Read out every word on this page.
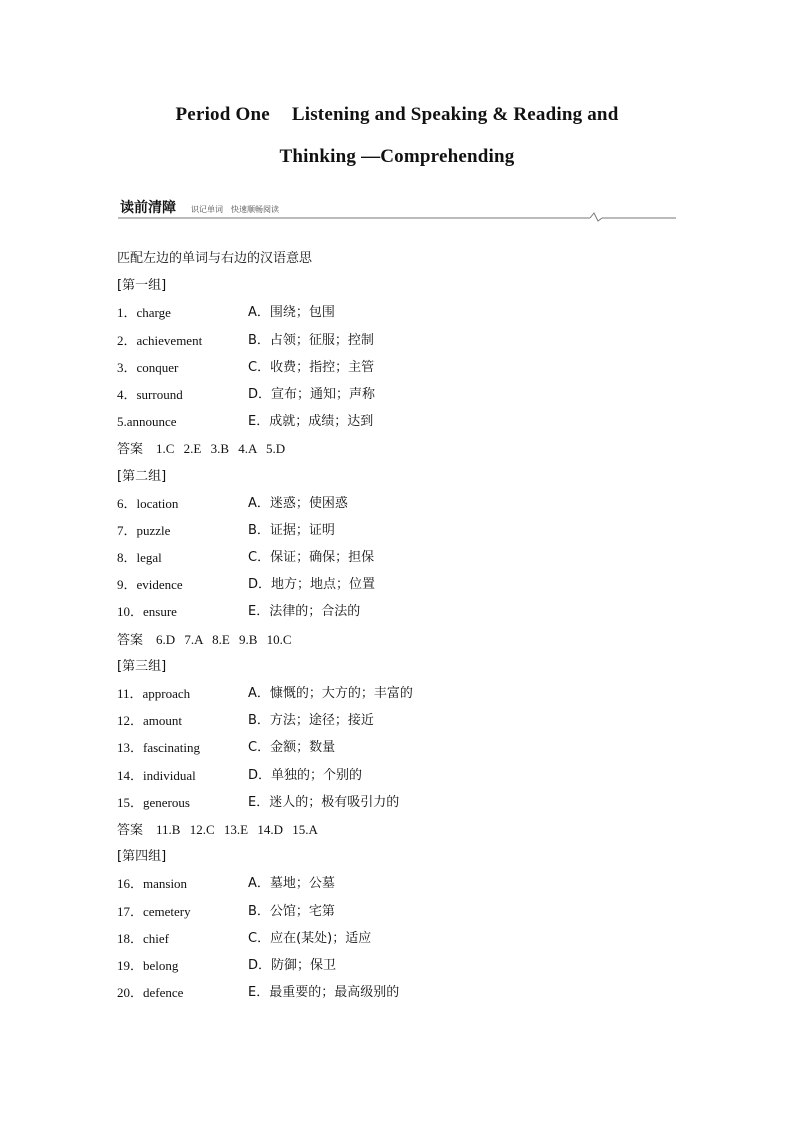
Period One Listening and Speaking & Reading and
Thinking —Comprehending
读前清障 识记单词　快速顺畅阅读
匹配左边的单词与右边的汉语意思
[第一组]
1．charge	A．围绕；包围
2．achievement	B．占领；征服；控制
3．conquer	C．收费；指控；主管
4．surround	D．宣布；通知；声称
5.announce	E．成就；成绩；达到
答案 1.C 2.E 3.B 4.A 5.D
[第二组]
6．location	A．迷惑；使困惑
7．puzzle	B．证据；证明
8．legal	C．保证；确保；担保
9．evidence	D．地方；地点；位置
10．ensure	E．法律的；合法的
答案 6.D 7.A 8.E 9.B 10.C
[第三组]
11．approach	A．慷慨的；大方的；丰富的
12．amount	B．方法；途径；接近
13．fascinating	C．金额；数量
14．individual	D．单独的；个别的
15．generous	E．迷人的；极有吸引力的
答案 11.B 12.C 13.E 14.D 15.A
[第四组]
16．mansion	A．墓地；公墓
17．cemetery	B．公馆；宅第
18．chief	C．应在(某处)；适应
19．belong	D．防御；保卫
20．defence	E．最重要的；最高级别的
